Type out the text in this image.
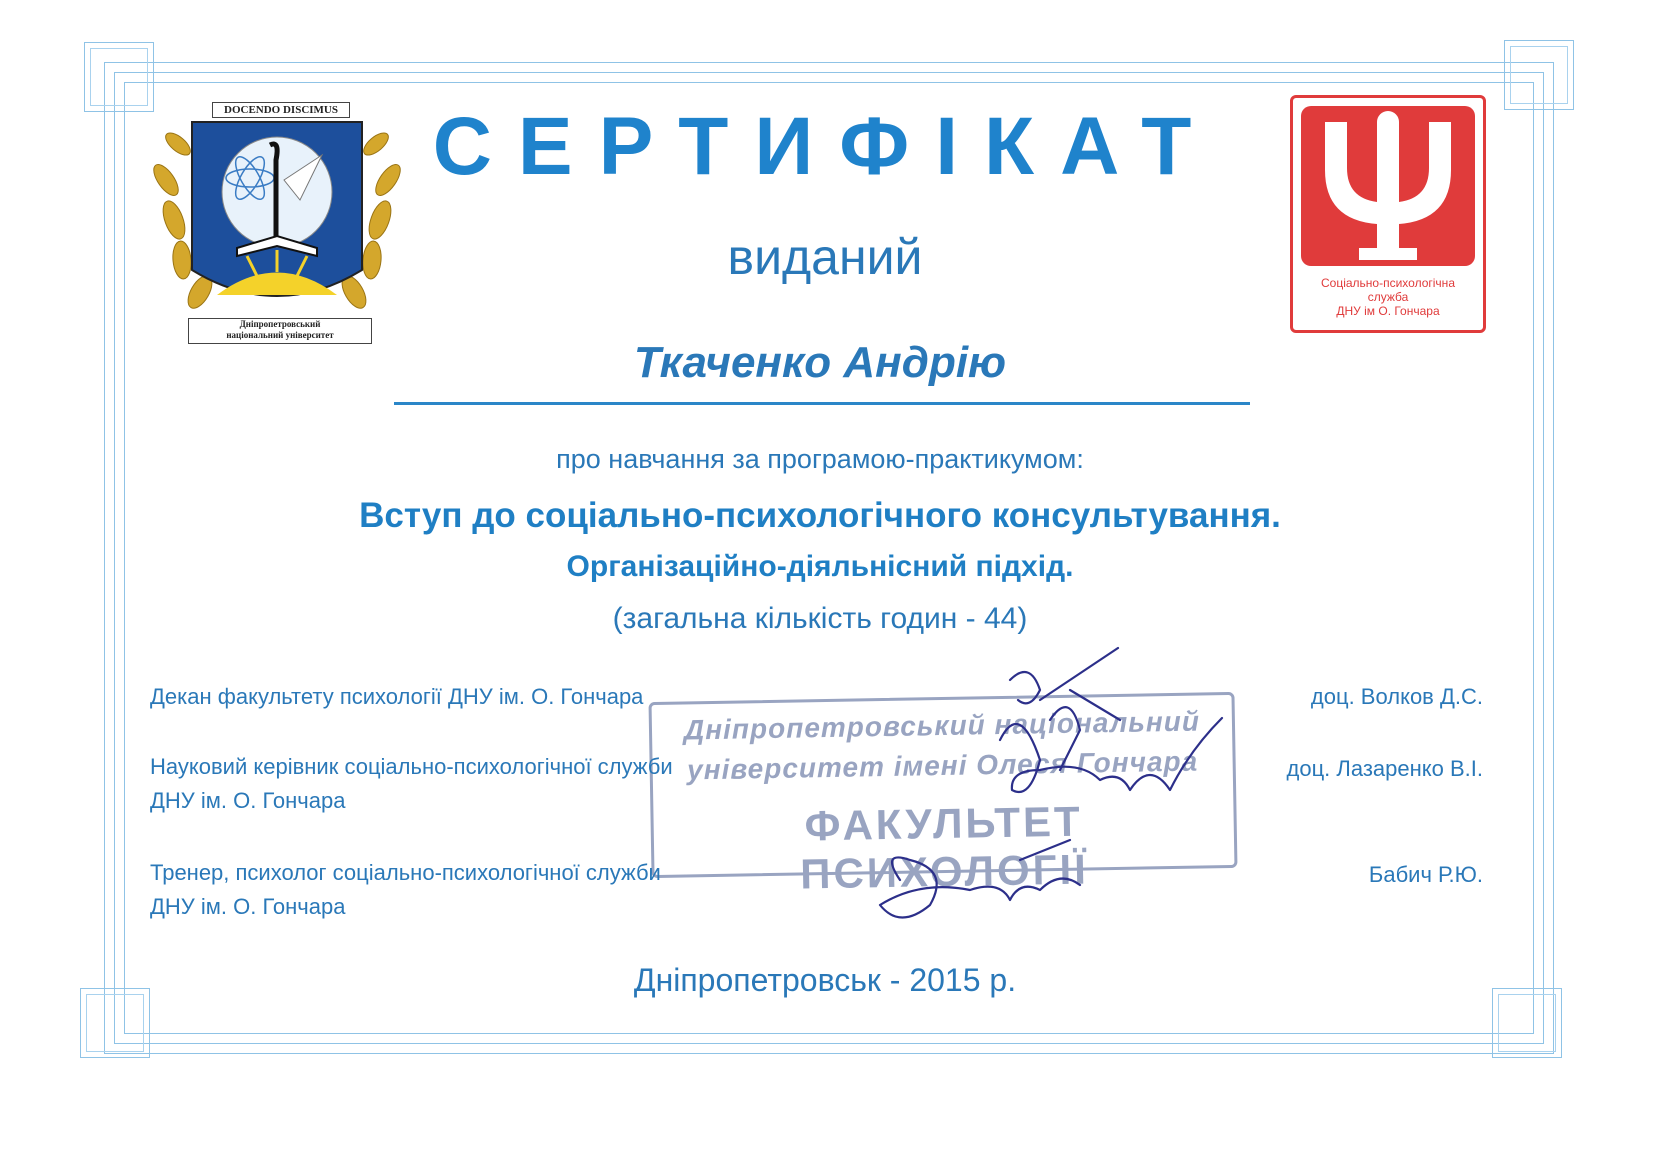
DOCENDO DISCIMUS
Дніпропетровський
національний університет
Соціально-психологічна
служба
ДНУ ім О. Гончара
СЕРТИФІКАТ
виданий
Ткаченко Андрію
про навчання за програмою-практикумом:
Вступ до соціально-психологічного консультування.
Організаційно-діяльнісний підхід.
(загальна кількість годин - 44)
Дніпропетровський національний
університет імені Олеся Гончара
ФАКУЛЬТЕТ ПСИХОЛОГІЇ
Декан факультету психології ДНУ ім. О. Гончара	доц. Волков Д.С.
Науковий керівник соціально-психологічної служби
ДНУ ім. О. Гончара
доц. Лазаренко В.І.
Тренер, психолог соціально-психологічної служби
ДНУ ім. О. Гончара
Бабич Р.Ю.
Дніпропетровськ - 2015 р.
